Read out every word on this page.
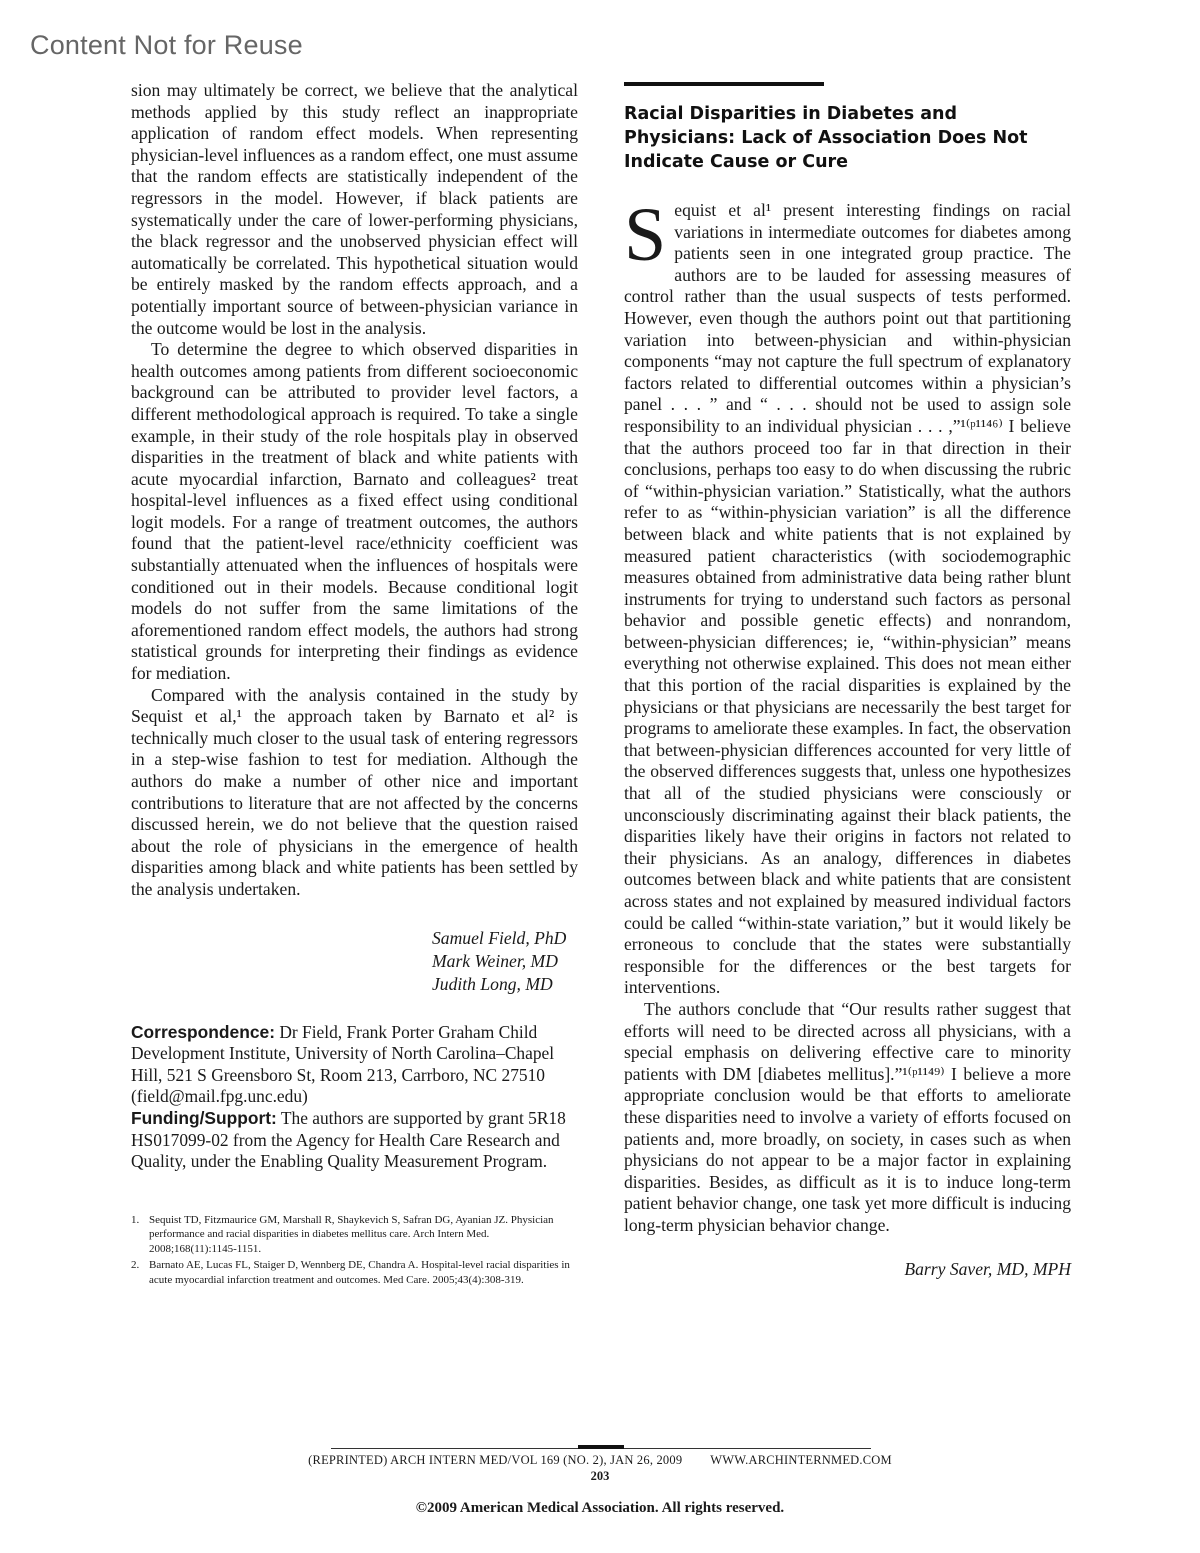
Content Not for Reuse

sion may ultimately be correct, we believe that the analytical methods applied by this study reflect an inappropriate application of random effect models. When representing physician-level influences as a random effect, one must assume that the random effects are statistically independent of the regressors in the model. However, if black patients are systematically under the care of lower-performing physicians, the black regressor and the unobserved physician effect will automatically be correlated. This hypothetical situation would be entirely masked by the random effects approach, and a potentially important source of between-physician variance in the outcome would be lost in the analysis.

To determine the degree to which observed disparities in health outcomes among patients from different socioeconomic background can be attributed to provider level factors, a different methodological approach is required. To take a single example, in their study of the role hospitals play in observed disparities in the treatment of black and white patients with acute myocardial infarction, Barnato and colleagues² treat hospital-level influences as a fixed effect using conditional logit models. For a range of treatment outcomes, the authors found that the patient-level race/ethnicity coefficient was substantially attenuated when the influences of hospitals were conditioned out in their models. Because conditional logit models do not suffer from the same limitations of the aforementioned random effect models, the authors had strong statistical grounds for interpreting their findings as evidence for mediation.

Compared with the analysis contained in the study by Sequist et al,¹ the approach taken by Barnato et al² is technically much closer to the usual task of entering regressors in a step-wise fashion to test for mediation. Although the authors do make a number of other nice and important contributions to literature that are not affected by the concerns discussed herein, we do not believe that the question raised about the role of physicians in the emergence of health disparities among black and white patients has been settled by the analysis undertaken.

Samuel Field, PhD
Mark Weiner, MD
Judith Long, MD
Correspondence: Dr Field, Frank Porter Graham Child Development Institute, University of North Carolina–Chapel Hill, 521 S Greensboro St, Room 213, Carrboro, NC 27510 (field@mail.fpg.unc.edu)
Funding/Support: The authors are supported by grant 5R18 HS017099-02 from the Agency for Health Care Research and Quality, under the Enabling Quality Measurement Program.
1. Sequist TD, Fitzmaurice GM, Marshall R, Shaykevich S, Safran DG, Ayanian JZ. Physician performance and racial disparities in diabetes mellitus care. Arch Intern Med. 2008;168(11):1145-1151.
2. Barnato AE, Lucas FL, Staiger D, Wennberg DE, Chandra A. Hospital-level racial disparities in acute myocardial infarction treatment and outcomes. Med Care. 2005;43(4):308-319.
Racial Disparities in Diabetes and Physicians: Lack of Association Does Not Indicate Cause or Cure

Sequist et al¹ present interesting findings on racial variations in intermediate outcomes for diabetes among patients seen in one integrated group practice. The authors are to be lauded for assessing measures of control rather than the usual suspects of tests performed. However, even though the authors point out that partitioning variation into between-physician and within-physician components “may not capture the full spectrum of explanatory factors related to differential outcomes within a physician’s panel . . . ” and “ . . . should not be used to assign sole responsibility to an individual physician . . . ,”¹⁽ᵖ¹¹⁴⁶⁾ I believe that the authors proceed too far in that direction in their conclusions, perhaps too easy to do when discussing the rubric of “within-physician variation.” Statistically, what the authors refer to as “within-physician variation” is all the difference between black and white patients that is not explained by measured patient characteristics (with sociodemographic measures obtained from administrative data being rather blunt instruments for trying to understand such factors as personal behavior and possible genetic effects) and nonrandom, between-physician differences; ie, “within-physician” means everything not otherwise explained. This does not mean either that this portion of the racial disparities is explained by the physicians or that physicians are necessarily the best target for programs to ameliorate these examples. In fact, the observation that between-physician differences accounted for very little of the observed differences suggests that, unless one hypothesizes that all of the studied physicians were consciously or unconsciously discriminating against their black patients, the disparities likely have their origins in factors not related to their physicians. As an analogy, differences in diabetes outcomes between black and white patients that are consistent across states and not explained by measured individual factors could be called “within-state variation,” but it would likely be erroneous to conclude that the states were substantially responsible for the differences or the best targets for interventions.

The authors conclude that “Our results rather suggest that efforts will need to be directed across all physicians, with a special emphasis on delivering effective care to minority patients with DM [diabetes mellitus].”¹⁽ᵖ¹¹⁴⁹⁾ I believe a more appropriate conclusion would be that efforts to ameliorate these disparities need to involve a variety of efforts focused on patients and, more broadly, on society, in cases such as when physicians do not appear to be a major factor in explaining disparities. Besides, as difficult as it is to induce long-term patient behavior change, one task yet more difficult is inducing long-term physician behavior change.

Barry Saver, MD, MPH
(REPRINTED) ARCH INTERN MED/VOL 169 (NO. 2), JAN 26, 2009 WWW.ARCHINTERNMED.COM
203
©2009 American Medical Association. All rights reserved.
